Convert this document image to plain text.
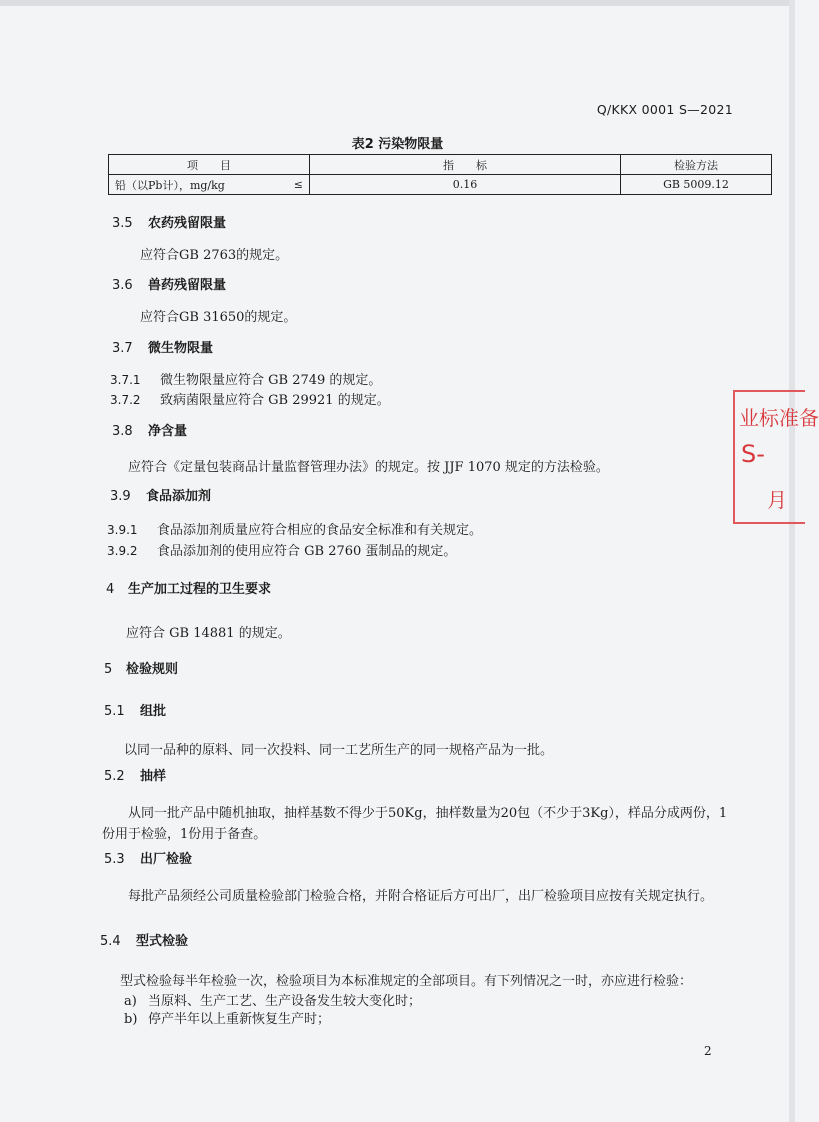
Q/KKX 0001 S—2021
表2 污染物限量
项　　目	指　　标	检验方法

铅（以Pb计），mg/kg ≤	0.16	GB 5009.12
3.5 农药残留限量
应符合GB 2763的规定。
3.6 兽药残留限量
应符合GB 31650的规定。
3.7 微生物限量
3.7.1 微生物限量应符合 GB 2749 的规定。
3.7.2 致病菌限量应符合 GB 29921 的规定。
3.8 净含量
应符合《定量包装商品计量监督管理办法》的规定。按 JJF 1070 规定的方法检验。
3.9 食品添加剂
3.9.1 食品添加剂质量应符合相应的食品安全标准和有关规定。
3.9.2 食品添加剂的使用应符合 GB 2760 蛋制品的规定。
4 生产加工过程的卫生要求
应符合 GB 14881 的规定。
5 检验规则
5.1 组批
以同一品种的原料、同一次投料、同一工艺所生产的同一规格产品为一批。
5.2 抽样
从同一批产品中随机抽取，抽样基数不得少于50Kg，抽样数量为20包（不少于3Kg），样品分成两份，1份用于检验，1份用于备查。
5.3 出厂检验
每批产品须经公司质量检验部门检验合格，并附合格证后方可出厂，出厂检验项目应按有关规定执行。
5.4 型式检验
型式检验每半年检验一次，检验项目为本标准规定的全部项目。有下列情况之一时，亦应进行检验：
a) 当原料、生产工艺、生产设备发生较大变化时；
b) 停产半年以上重新恢复生产时；
业标准备
S-
月
2
